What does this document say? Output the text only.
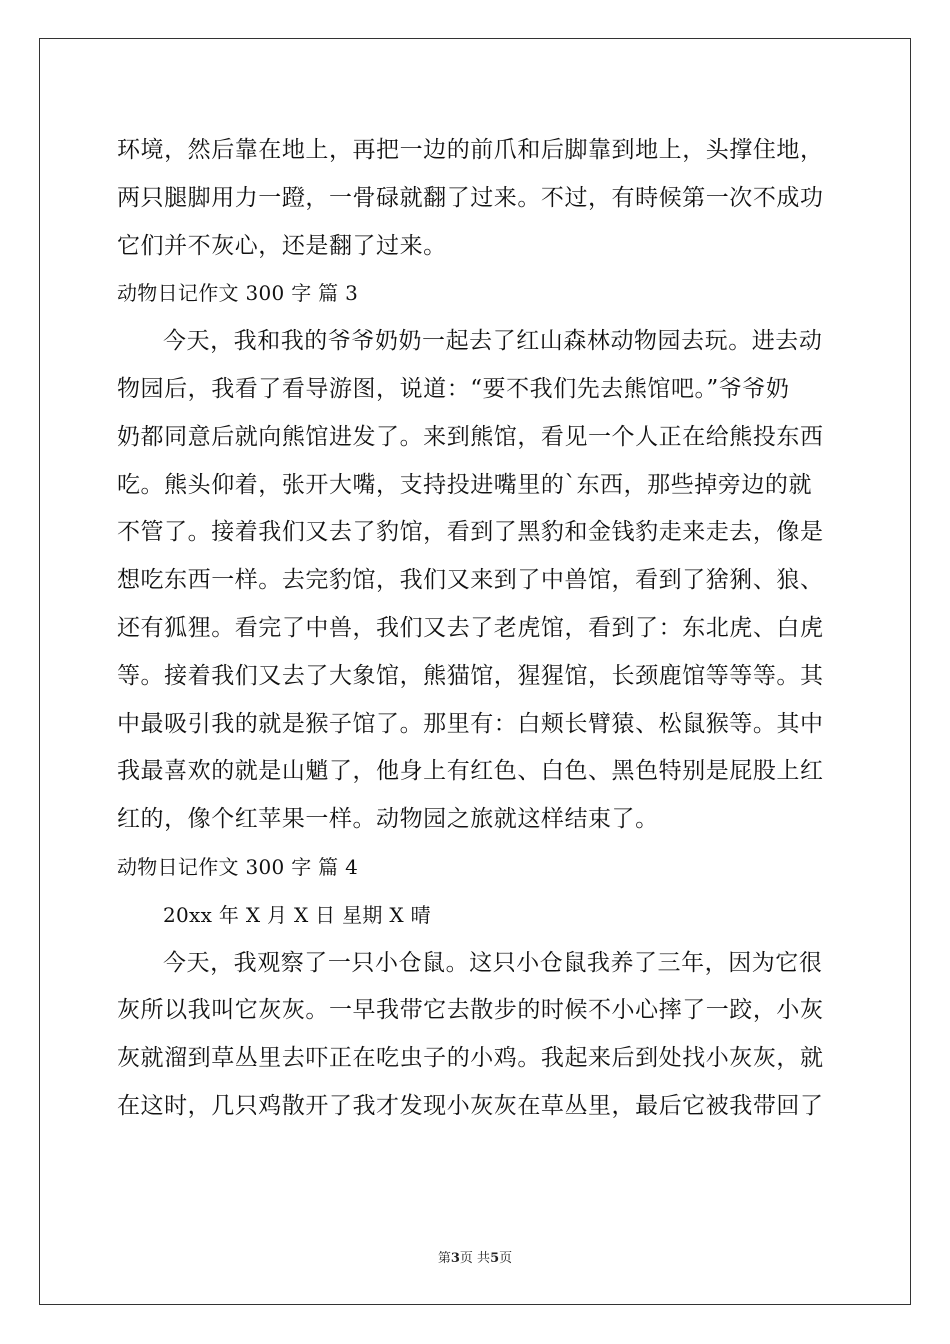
环境，然后靠在地上，再把一边的前爪和后脚靠到地上，头撑住地，
两只腿脚用力一蹬，一骨碌就翻了过来。不过，有時候第一次不成功
它们并不灰心，还是翻了过来。
动物日记作文 300 字 篇 3
今天，我和我的爷爷奶奶一起去了红山森林动物园去玩。进去动
物园后，我看了看导游图，说道：“要不我们先去熊馆吧。”爷爷奶
奶都同意后就向熊馆进发了。来到熊馆，看见一个人正在给熊投东西
吃。熊头仰着，张开大嘴，支持投进嘴里的`东西，那些掉旁边的就
不管了。接着我们又去了豹馆，看到了黑豹和金钱豹走来走去，像是
想吃东西一样。去完豹馆，我们又来到了中兽馆，看到了猞猁、狼、
还有狐狸。看完了中兽，我们又去了老虎馆，看到了：东北虎、白虎
等。接着我们又去了大象馆，熊猫馆，猩猩馆，长颈鹿馆等等等。其
中最吸引我的就是猴子馆了。那里有：白颊长臂猿、松鼠猴等。其中
我最喜欢的就是山魈了，他身上有红色、白色、黑色特别是屁股上红
红的，像个红苹果一样。动物园之旅就这样结束了。
动物日记作文 300 字 篇 4
20xx 年 X 月 X 日 星期 X 晴
今天，我观察了一只小仓鼠。这只小仓鼠我养了三年，因为它很
灰所以我叫它灰灰。一早我带它去散步的时候不小心摔了一跤，小灰
灰就溜到草丛里去吓正在吃虫子的小鸡。我起来后到处找小灰灰，就
在这时，几只鸡散开了我才发现小灰灰在草丛里，最后它被我带回了
第3页 共5页
